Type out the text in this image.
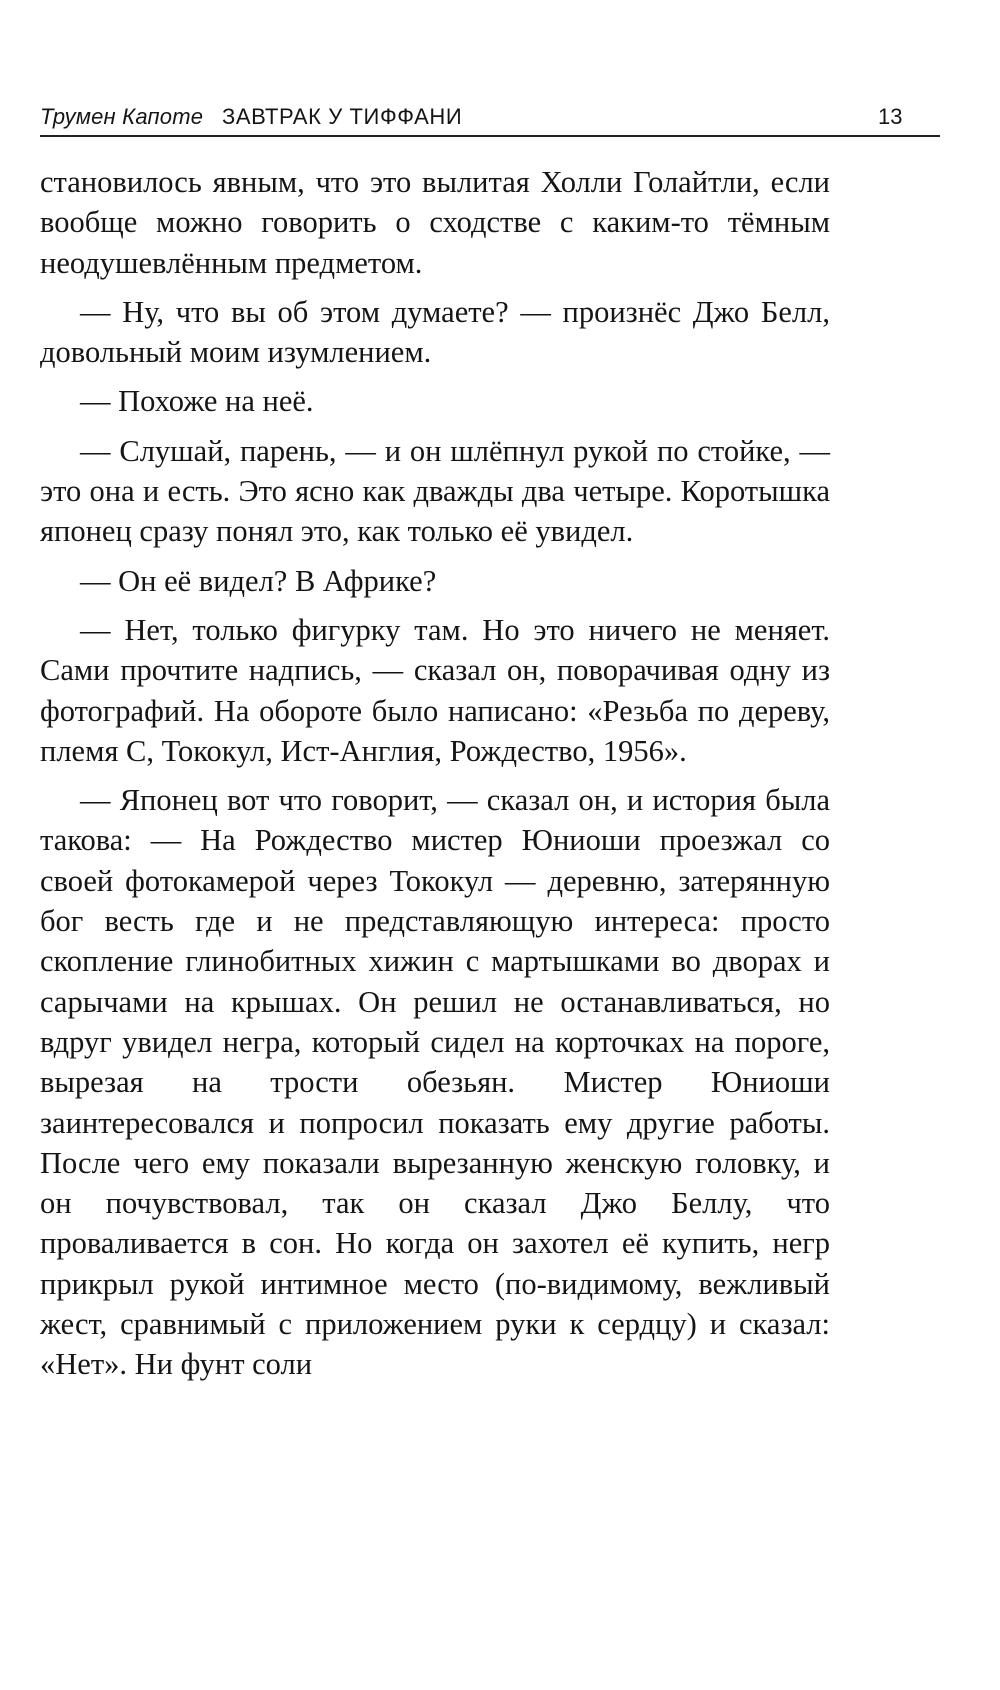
Трумен Капоте ЗАВТРАК У ТИФФАНИ	13

становилось явным, что это вылитая Холли Голайтли, если вообще можно говорить о сходстве с каким-то тёмным неодушевлённым предметом.

— Ну, что вы об этом думаете? — произнёс Джо Белл, довольный моим изумлением.

— Похоже на неё.

— Слушай, парень, — и он шлёпнул рукой по стойке, — это она и есть. Это ясно как дважды два четыре. Коротышка японец сразу понял это, как только её увидел.

— Он её видел? В Африке?

— Нет, только фигурку там. Но это ничего не меняет. Сами прочтите надпись, — сказал он, поворачивая одну из фотографий. На обороте было написано: «Резьба по дереву, племя С, Тококул, Ист-Англия, Рождество, 1956».

— Японец вот что говорит, — сказал он, и история была такова: — На Рождество мистер Юниоши проезжал со своей фотокамерой через Тококул — деревню, затерянную бог весть где и не представляющую интереса: просто скопление глинобитных хижин с мартышками во дворах и сарычами на крышах. Он решил не останавливаться, но вдруг увидел негра, который сидел на корточках на пороге, вырезая на трости обезьян. Мистер Юниоши заинтересовался и попросил показать ему другие работы. После чего ему показали вырезанную женскую головку, и он почувствовал, так он сказал Джо Беллу, что проваливается в сон. Но когда он захотел её купить, негр прикрыл рукой интимное место (по-видимому, вежливый жест, сравнимый с приложением руки к сердцу) и сказал: «Нет». Ни фунт соли
